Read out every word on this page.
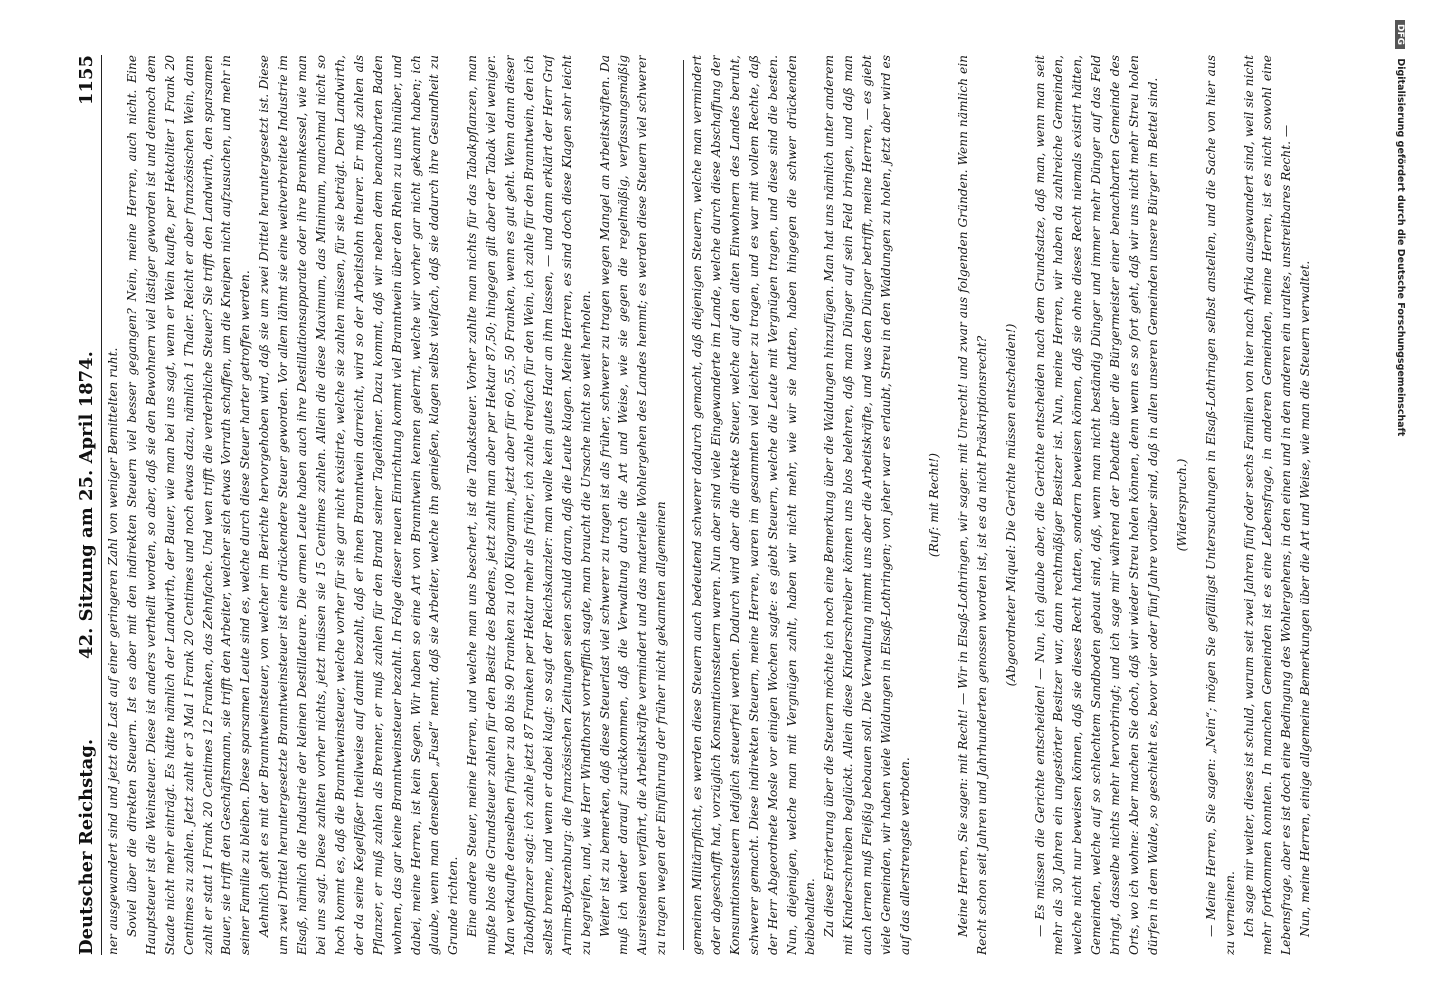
Deutscher Reichstag.
42. Sitzung am 25. April 1874.
1155

ner ausgewandert sind und jetzt die Last auf einer geringeren Zahl von weniger Bemittelten ruht. Soviel über die direkten Steuern. Ist es aber mit den indirekten Steuern viel besser gegangen? Nein, meine Herren, auch nicht. Eine Hauptsteuer ist die Weinsteuer. Diese ist anders vertheilt worden, so aber, daß sie den Bewohnern viel lästiger geworden ist und dennoch dem Staate nicht mehr einträgt. Es hätte nämlich der Landwirth, der Bauer, wie man bei uns sagt, wenn er Wein kaufte, per Hektoliter 1 Frank 20 Centimes zu zahlen. Jetzt zahlt er 3 Mal 1 Frank 20 Centimes und noch etwas dazu, nämlich 1 Thaler. Reicht er aber französischen Wein, dann zahlt er statt 1 Frank 20 Centimes 12 Franken, das Zehnfache. Und wen trifft die verderbliche Steuer? Sie trifft den Landwirth, den sparsamen Bauer, sie trifft den Geschäftsmann, sie trifft den Arbeiter, welcher sich etwas Vorrath schaffen, um die Kneipen nicht aufzusuchen, und mehr in seiner Familie zu bleiben. Diese sparsamen Leute sind es, welche durch diese Steuer harter getroffen werden. Aehnlich geht es mit der Branntweinsteuer, von welcher im Berichte hervorgehoben wird, daß sie um zwei Drittel heruntergesetzt ist. Diese um zwei Drittel heruntergesetzte Branntweinsteuer ist eine drückendere Steuer geworden. Vor allem lähmt sie eine weitverbreitete Industrie im Elsaß, nämlich die Industrie der kleinen Destillateure. Die armen Leute haben auch ihre Destillationsapparate oder ihre Brennkessel, wie man bei uns sagt. Diese zahlten vorher nichts, jetzt müssen sie 15 Centimes zahlen. Allein die diese Maximum, das Minimum, manchmal nicht so hoch kommt es, daß die Branntweinsteuer, welche vorher für sie gar nicht existirte, welche sie zahlen müssen, für sie beträgt. Dem Landwirth, der da seine Kegelfäßer theilweise auf damit bezahlt, daß er ihnen Branntwein darreicht, wird so der Arbeitslohn theurer. Er muß zahlen als Pflanzer, er muß zahlen als Brenner, er muß zahlen für den Brand seiner Tagelöhner. Dazu kommt, daß wir neben dem benachbarten Baden wohnen, das gar keine Branntweinsteuer bezahlt. In Folge dieser neuen Einrichtung kommt viel Branntwein über den Rhein zu uns hinüber, und dabei, meine Herren, ist kein Segen. Wir haben so eine Art von Branntwein kennen gelernt, welche wir vorher gar nicht gekannt haben; ich glaube, wenn man denselben „Fusel“ nennt, daß sie Arbeiter, welche ihn genießen, klagen selbst vielfach, daß sie dadurch ihre Gesundheit zu Grunde richten. Eine andere Steuer, meine Herren, und welche man uns beschert, ist die Tabaksteuer. Vorher zahlte man nichts für das Tabakpflanzen, man mußte blos die Grundsteuer zahlen für den Besitz des Bodens, jetzt zahlt man aber per Hektar 87,50; hingegen gilt aber der Tabak viel weniger. Man verkaufte denselben früher zu 80 bis 90 Franken zu 100 Kilogramm, jetzt aber für 60, 55, 50 Franken, wenn es gut geht. Wenn dann dieser Tabakpflanzer sagt: ich zahle jetzt 87 Franken per Hektar mehr als früher, ich zahle dreifach für den Wein, ich zahle für den Branntwein, den ich selbst brenne, und wenn er dabei klagt: so sagt der Reichskanzler: man wolle kein gutes Haar an ihm lassen, — und dann erklärt der Herr Graf Arnim-Boytzenburg: die französischen Zeitungen seien schuld daran, daß die Leute klagen. Meine Herren, es sind doch diese Klagen sehr leicht zu begreifen, und, wie Herr Windthorst vortrefflich sagte, man braucht die Ursache nicht so weit herholen. Weiter ist zu bemerken, daß diese Steuerlast viel schwerer zu tragen ist als früher, schwerer zu tragen wegen Mangel an Arbeitskräften. Da muß ich wieder darauf zurückkommen, daß die Verwaltung durch die Art und Weise, wie sie gegen die regelmäßig, verfassungsmäßig Ausreisenden verfährt, die Arbeitskräfte vermindert und das materielle Wohlergehen des Landes hemmt; es werden diese Steuern viel schwerer zu tragen wegen der Einführung der früher nicht gekannten allgemeinen gemeinen Militärpflicht, es werden diese Steuern auch bedeutend schwerer dadurch gemacht, daß diejenigen Steuern, welche man vermindert oder abgeschafft hat, vorzüglich Konsumtionssteuern waren. Nun aber sind viele Eingewanderte im Lande, welche durch diese Abschaffung der Konsumtionssteuern lediglich steuerfrei werden. Dadurch wird aber die direkte Steuer, welche auf den alten Einwohnern des Landes beruht, schwerer gemacht. Diese indirekten Steuern, meine Herren, waren im gesammten viel leichter zu tragen, und es war mit vollem Rechte, daß der Herr Abgeordnete Mosle vor einigen Wochen sagte: es giebt Steuern, welche die Leute mit Vergnügen tragen, und diese sind die besten. Nun, diejenigen, welche man mit Vergnügen zahlt, haben wir nicht mehr, wie wir sie hatten, haben hingegen die schwer drückenden beibehalten. Zu diese Erörterung über die Steuern möchte ich noch eine Bemerkung über die Waldungen hinzufügen. Man hat uns nämlich unter anderem mit Kinderschreiben beglückt. Allein diese Kinderschreiber können uns blos belehren, daß man Dünger auf sein Feld bringen, und daß man auch lernen muß Fleißig bebauen soll. Die Verwaltung nimmt uns aber die Arbeitskräfte, und was den Dünger betrifft, meine Herren, — es giebt viele Gemeinden, wir haben viele Waldungen in Elsaß-Lothringen; von jeher war es erlaubt, Streu in den Waldungen zu holen, jetzt aber wird es auf das allerstrengste verboten.

(Ruf: mit Recht!) Meine Herren, Sie sagen: mit Recht! — Wir in Elsaß-Lothringen, wir sagen: mit Unrecht! und zwar aus folgenden Gründen. Wenn nämlich ein Recht schon seit Jahren und Jahrhunderten genossen worden ist, ist es da nicht Präskriptionsrecht? (Abgeordneter Miquel: Die Gerichte müssen entscheiden!) — Es müssen die Gerichte entscheiden! — Nun, ich glaube aber, die Gerichte entscheiden nach dem Grundsatze, daß man, wenn man seit mehr als 30 Jahren ein ungestörter Besitzer war, dann rechtmäßiger Besitzer ist. Nun, meine Herren, wir haben da zahlreiche Gemeinden, welche nicht nur beweisen können, daß sie dieses Recht hatten, sondern beweisen können, daß sie ohne dieses Recht niemals existirt hätten, Gemeinden, welche auf so schlechtem Sandboden gebaut sind, daß, wenn man nicht beständig Dünger und immer mehr Dünger auf das Feld bringt, dasselbe nichts mehr hervorbringt; und ich sage mir während der Debatte über die Bürgermeister einer benachbarten Gemeinde des Orts, wo ich wohne: Aber machen Sie doch, daß wir wieder Streu holen können, denn wenn es so fort geht, daß wir uns nicht mehr Streu holen dürfen in dem Walde, so geschieht es, bevor vier oder fünf Jahre vorüber sind, daß in allen unseren Gemeinden unsere Bürger im Bettel sind. (Widerspruch.) — Meine Herren, Sie sagen: „Nein“; mögen Sie gefälligst Untersuchungen in Elsaß-Lothringen selbst anstellen, und die Sache von hier aus zu verneinen. Ich sage mir weiter, dieses ist schuld, warum seit zwei Jahren fünf oder sechs Familien von hier nach Afrika ausgewandert sind, weil sie nicht mehr fortkommen konnten. In manchen Gemeinden ist es eine Lebensfrage, in anderen Gemeinden, meine Herren, ist es nicht sowohl eine Lebensfrage, aber es ist doch eine Bedingung des Wohlergehens, in den einen und in den anderen ein uraltes, unstreitbares Recht. — Nun, meine Herren, einige allgemeine Bemerkungen über die Art und Weise, wie man die Steuern verwaltet.

DFG Digitalisierung gefördert durch die Deutsche Forschungsgemeinschaft
